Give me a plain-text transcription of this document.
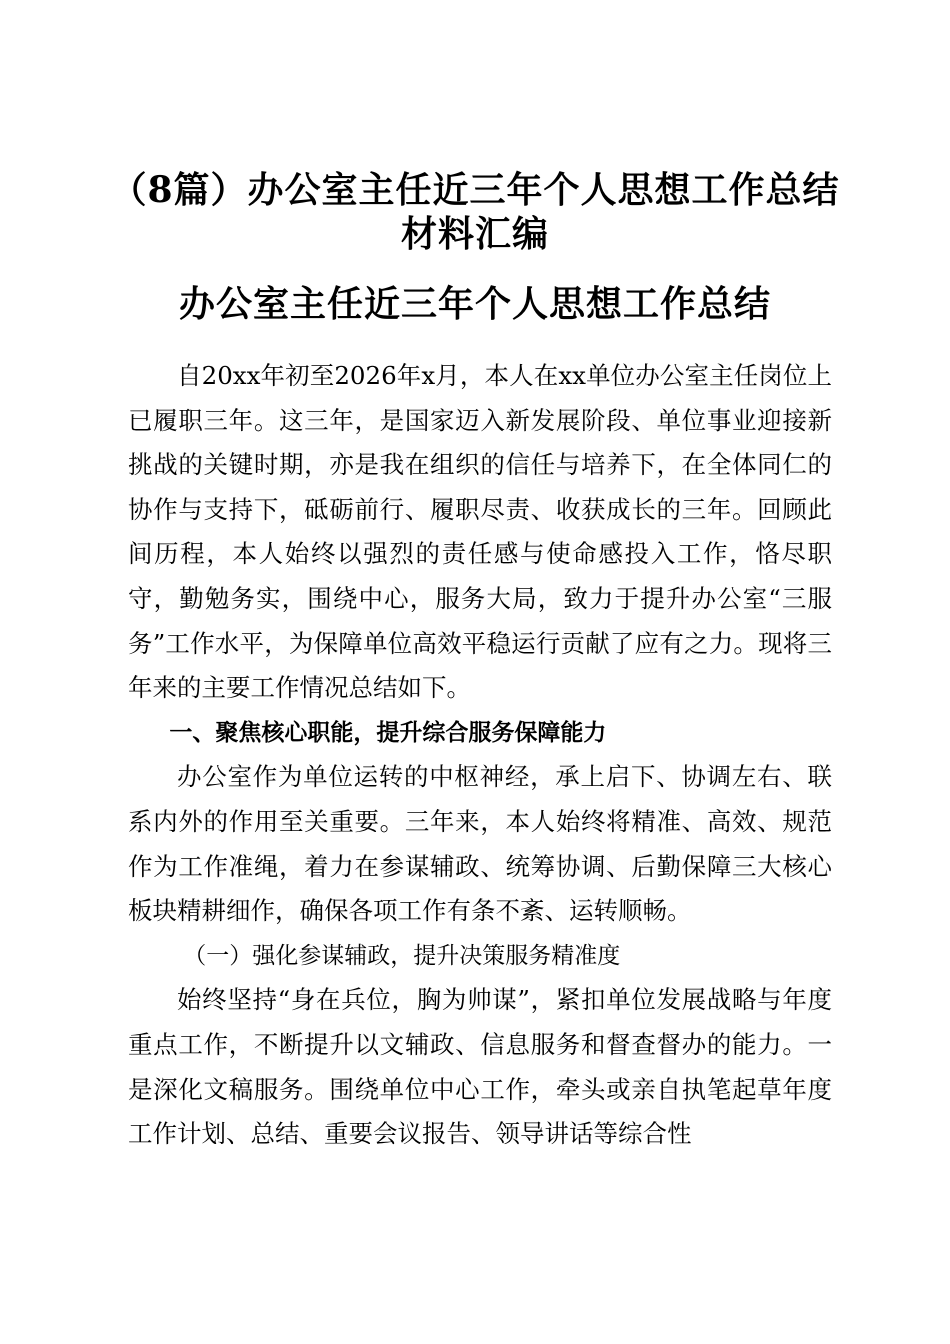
（8篇）办公室主任近三年个人思想工作总结材料汇编
办公室主任近三年个人思想工作总结

自20xx年初至2026年x月，本人在xx单位办公室主任岗位上已履职三年。这三年，是国家迈入新发展阶段、单位事业迎接新挑战的关键时期，亦是我在组织的信任与培养下，在全体同仁的协作与支持下，砥砺前行、履职尽责、收获成长的三年。回顾此间历程，本人始终以强烈的责任感与使命感投入工作，恪尽职守，勤勉务实，围绕中心，服务大局，致力于提升办公室“三服务”工作水平，为保障单位高效平稳运行贡献了应有之力。现将三年来的主要工作情况总结如下。

一、聚焦核心职能，提升综合服务保障能力

办公室作为单位运转的中枢神经，承上启下、协调左右、联系内外的作用至关重要。三年来，本人始终将精准、高效、规范作为工作准绳，着力在参谋辅政、统筹协调、后勤保障三大核心板块精耕细作，确保各项工作有条不紊、运转顺畅。

（一）强化参谋辅政，提升决策服务精准度

始终坚持“身在兵位，胸为帅谋”，紧扣单位发展战略与年度重点工作，不断提升以文辅政、信息服务和督查督办的能力。一是深化文稿服务。围绕单位中心工作，牵头或亲自执笔起草年度工作计划、总结、重要会议报告、领导讲话等综合性
